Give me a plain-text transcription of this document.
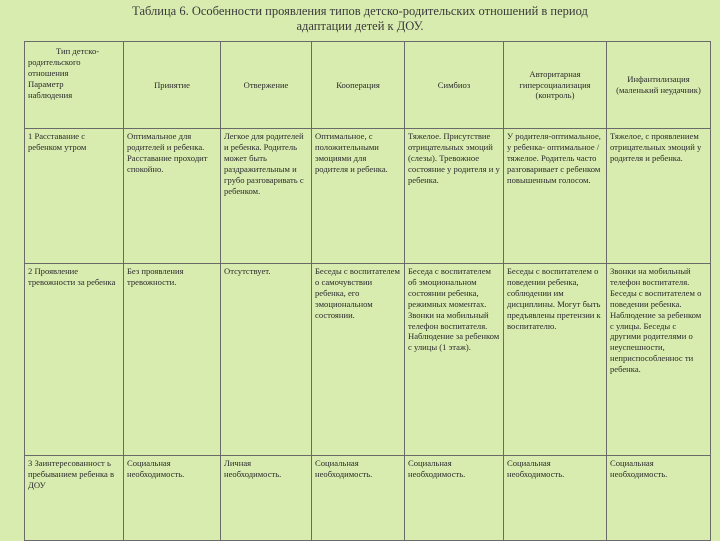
Таблица 6. Особенности проявления типов детско-родительских отношений в период
адаптации детей к ДОУ.
Тип детско-
родительского
отношения
Параметр
наблюдения	Принятие	Отвержение	Кооперация	Симбиоз	Авторитарная гиперсоциализация (контроль)	Инфантилизация (маленький неудачник)
1 Расставание с ребенком утром	Оптимальное для родителей и ребенка. Расставание проходит спокойно.	Легкое для родителей и ребенка. Родитель может быть раздражительным и грубо разговаривать с ребенком.	Оптимальное, с положительными эмоциями для родителя и ребенка.	Тяжелое. Присутствие отрицательных эмоций (слезы). Тревожное состояние у родителя и у ребенка.	У родителя-оптимальное, у ребенка- оптимальное / тяжелое. Родитель часто разговаривает с ребенком повышенным голосом.	Тяжелое, с проявлением отрицательных эмоций у родителя и ребенка.
2 Проявление тревожности за ребенка	Без проявления тревожности.	Отсутствует.	Беседы с воспитателем о самочувствии ребенка, его эмоциональном состоянии.	Беседа с воспитателем об эмоциональном состоянии ребенка, режимных моментах. Звонки на мобильный телефон воспитателя. Наблюдение за ребенком с улицы (1 этаж).	Беседы с воспитателем о поведении ребенка, соблюдении им дисциплины. Могут быть предъявлены претензии к воспитателю.	Звонки на мобильный телефон воспитателя. Беседы с воспитателем о поведении ребенка. Наблюдение за ребенком с улицы. Беседы с другими родителями о неуспешности, неприспособленнос ти ребенка.
3 Заинтересованност ь пребыванием ребенка в ДОУ	Социальная необходимость.	Личная необходимость.	Социальная необходимость.	Социальная необходимость.	Социальная необходимость.	Социальная необходимость.
